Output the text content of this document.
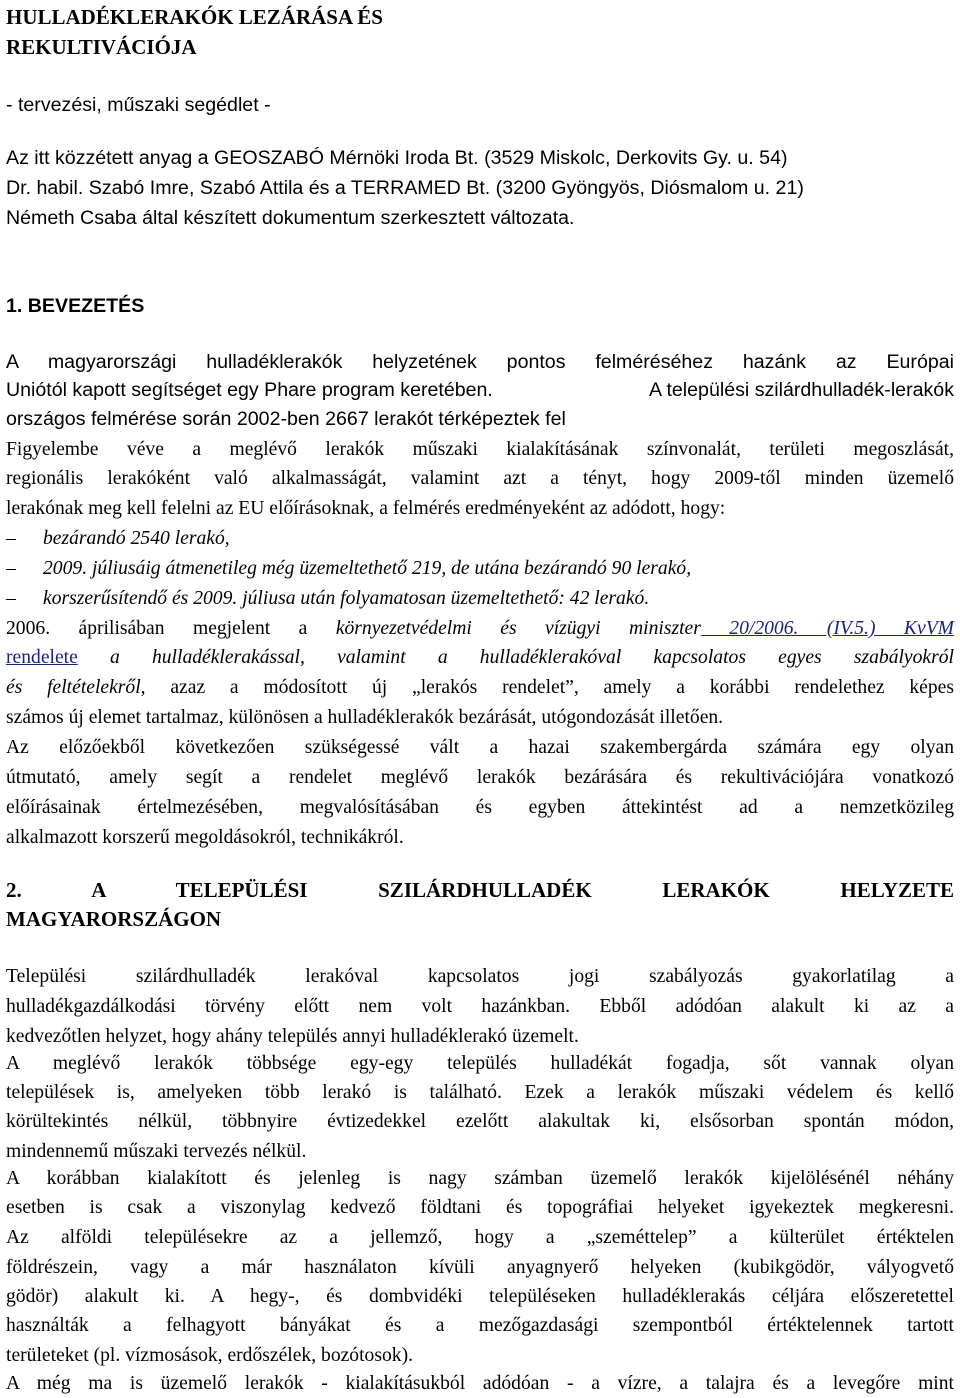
HULLADÉKLERAKÓK LEZÁRÁSA ÉS
REKULTIVÁCIÓJA
- tervezési, műszaki segédlet -
Az itt közzétett anyag a GEOSZABÓ Mérnöki Iroda Bt. (3529 Miskolc, Derkovits Gy. u. 54)
Dr. habil. Szabó Imre, Szabó Attila és a TERRAMED Bt. (3200 Gyöngyös, Diósmalom u. 21)
Németh Csaba által készített dokumentum szerkesztett változata.
1. BEVEZETÉS
A magyarországi hulladéklerakók helyzetének pontos felméréséhez hazánk az Európai
Uniótól kapott segítséget egy Phare program keretében.	A települési szilárdhulladék-lerakók
országos felmérése során 2002-ben 2667 lerakót térképeztek fel
Figyelembe véve a meglévő lerakók műszaki kialakításának színvonalát, területi megoszlását,
regionális lerakóként való alkalmasságát, valamint azt a tényt, hogy 2009-től minden üzemelő
lerakónak meg kell felelni az EU előírásoknak, a felmérés eredményeként az adódott, hogy:
– bezárandó 2540 lerakó,
– 2009. júliusáig átmenetileg még üzemeltethető 219, de utána bezárandó 90 lerakó,
– korszerűsítendő és 2009. júliusa után folyamatosan üzemeltethető: 42 lerakó.
2006. áprilisában megjelent a környezetvédelmi és vízügyi miniszter 20/2006. (IV.5.) KvVM
rendelete a hulladéklerakással, valamint a hulladéklerakóval kapcsolatos egyes szabályokról
és feltételekről, azaz a módosított új „lerakós rendelet”, amely a korábbi rendelethez képes
számos új elemet tartalmaz, különösen a hulladéklerakók bezárását, utógondozását illetően.
Az előzőekből következően szükségessé vált a hazai szakembergárda számára egy olyan
útmutató, amely segít a rendelet meglévő lerakók bezárására és rekultivációjára vonatkozó
előírásainak értelmezésében, megvalósításában és egyben áttekintést ad a nemzetközileg
alkalmazott korszerű megoldásokról, technikákról.
2. A TELEPÜLÉSI SZILÁRDHULLADÉK LERAKÓK HELYZETE
MAGYARORSZÁGON
Települési szilárdhulladék lerakóval kapcsolatos jogi szabályozás gyakorlatilag a
hulladékgazdálkodási törvény előtt nem volt hazánkban. Ebből adódóan alakult ki az a
kedvezőtlen helyzet, hogy ahány település annyi hulladéklerakó üzemelt.
A meglévő lerakók többsége egy-egy település hulladékát fogadja, sőt vannak olyan
települések is, amelyeken több lerakó is található. Ezek a lerakók műszaki védelem és kellő
körültekintés nélkül, többnyire évtizedekkel ezelőtt alakultak ki, elsősorban spontán módon,
mindennemű műszaki tervezés nélkül.
A korábban kialakított és jelenleg is nagy számban üzemelő lerakók kijelölésénél néhány
esetben is csak a viszonylag kedvező földtani és topográfiai helyeket igyekeztek megkeresni.
Az alföldi településekre az a jellemző, hogy a „szeméttelep” a külterület értéktelen
földrészein, vagy a már használaton kívüli anyagnyerő helyeken (kubikgödör, vályogvető
gödör) alakult ki. A hegy-, és dombvidéki településeken hulladéklerakás céljára előszeretettel
használták a felhagyott bányákat és a mezőgazdasági szempontból értéktelennek tartott
területeket (pl. vízmosások, erdőszélek, bozótosok).
A még ma is üzemelő lerakók - kialakításukból adódóan - a vízre, a talajra és a levegőre mint
